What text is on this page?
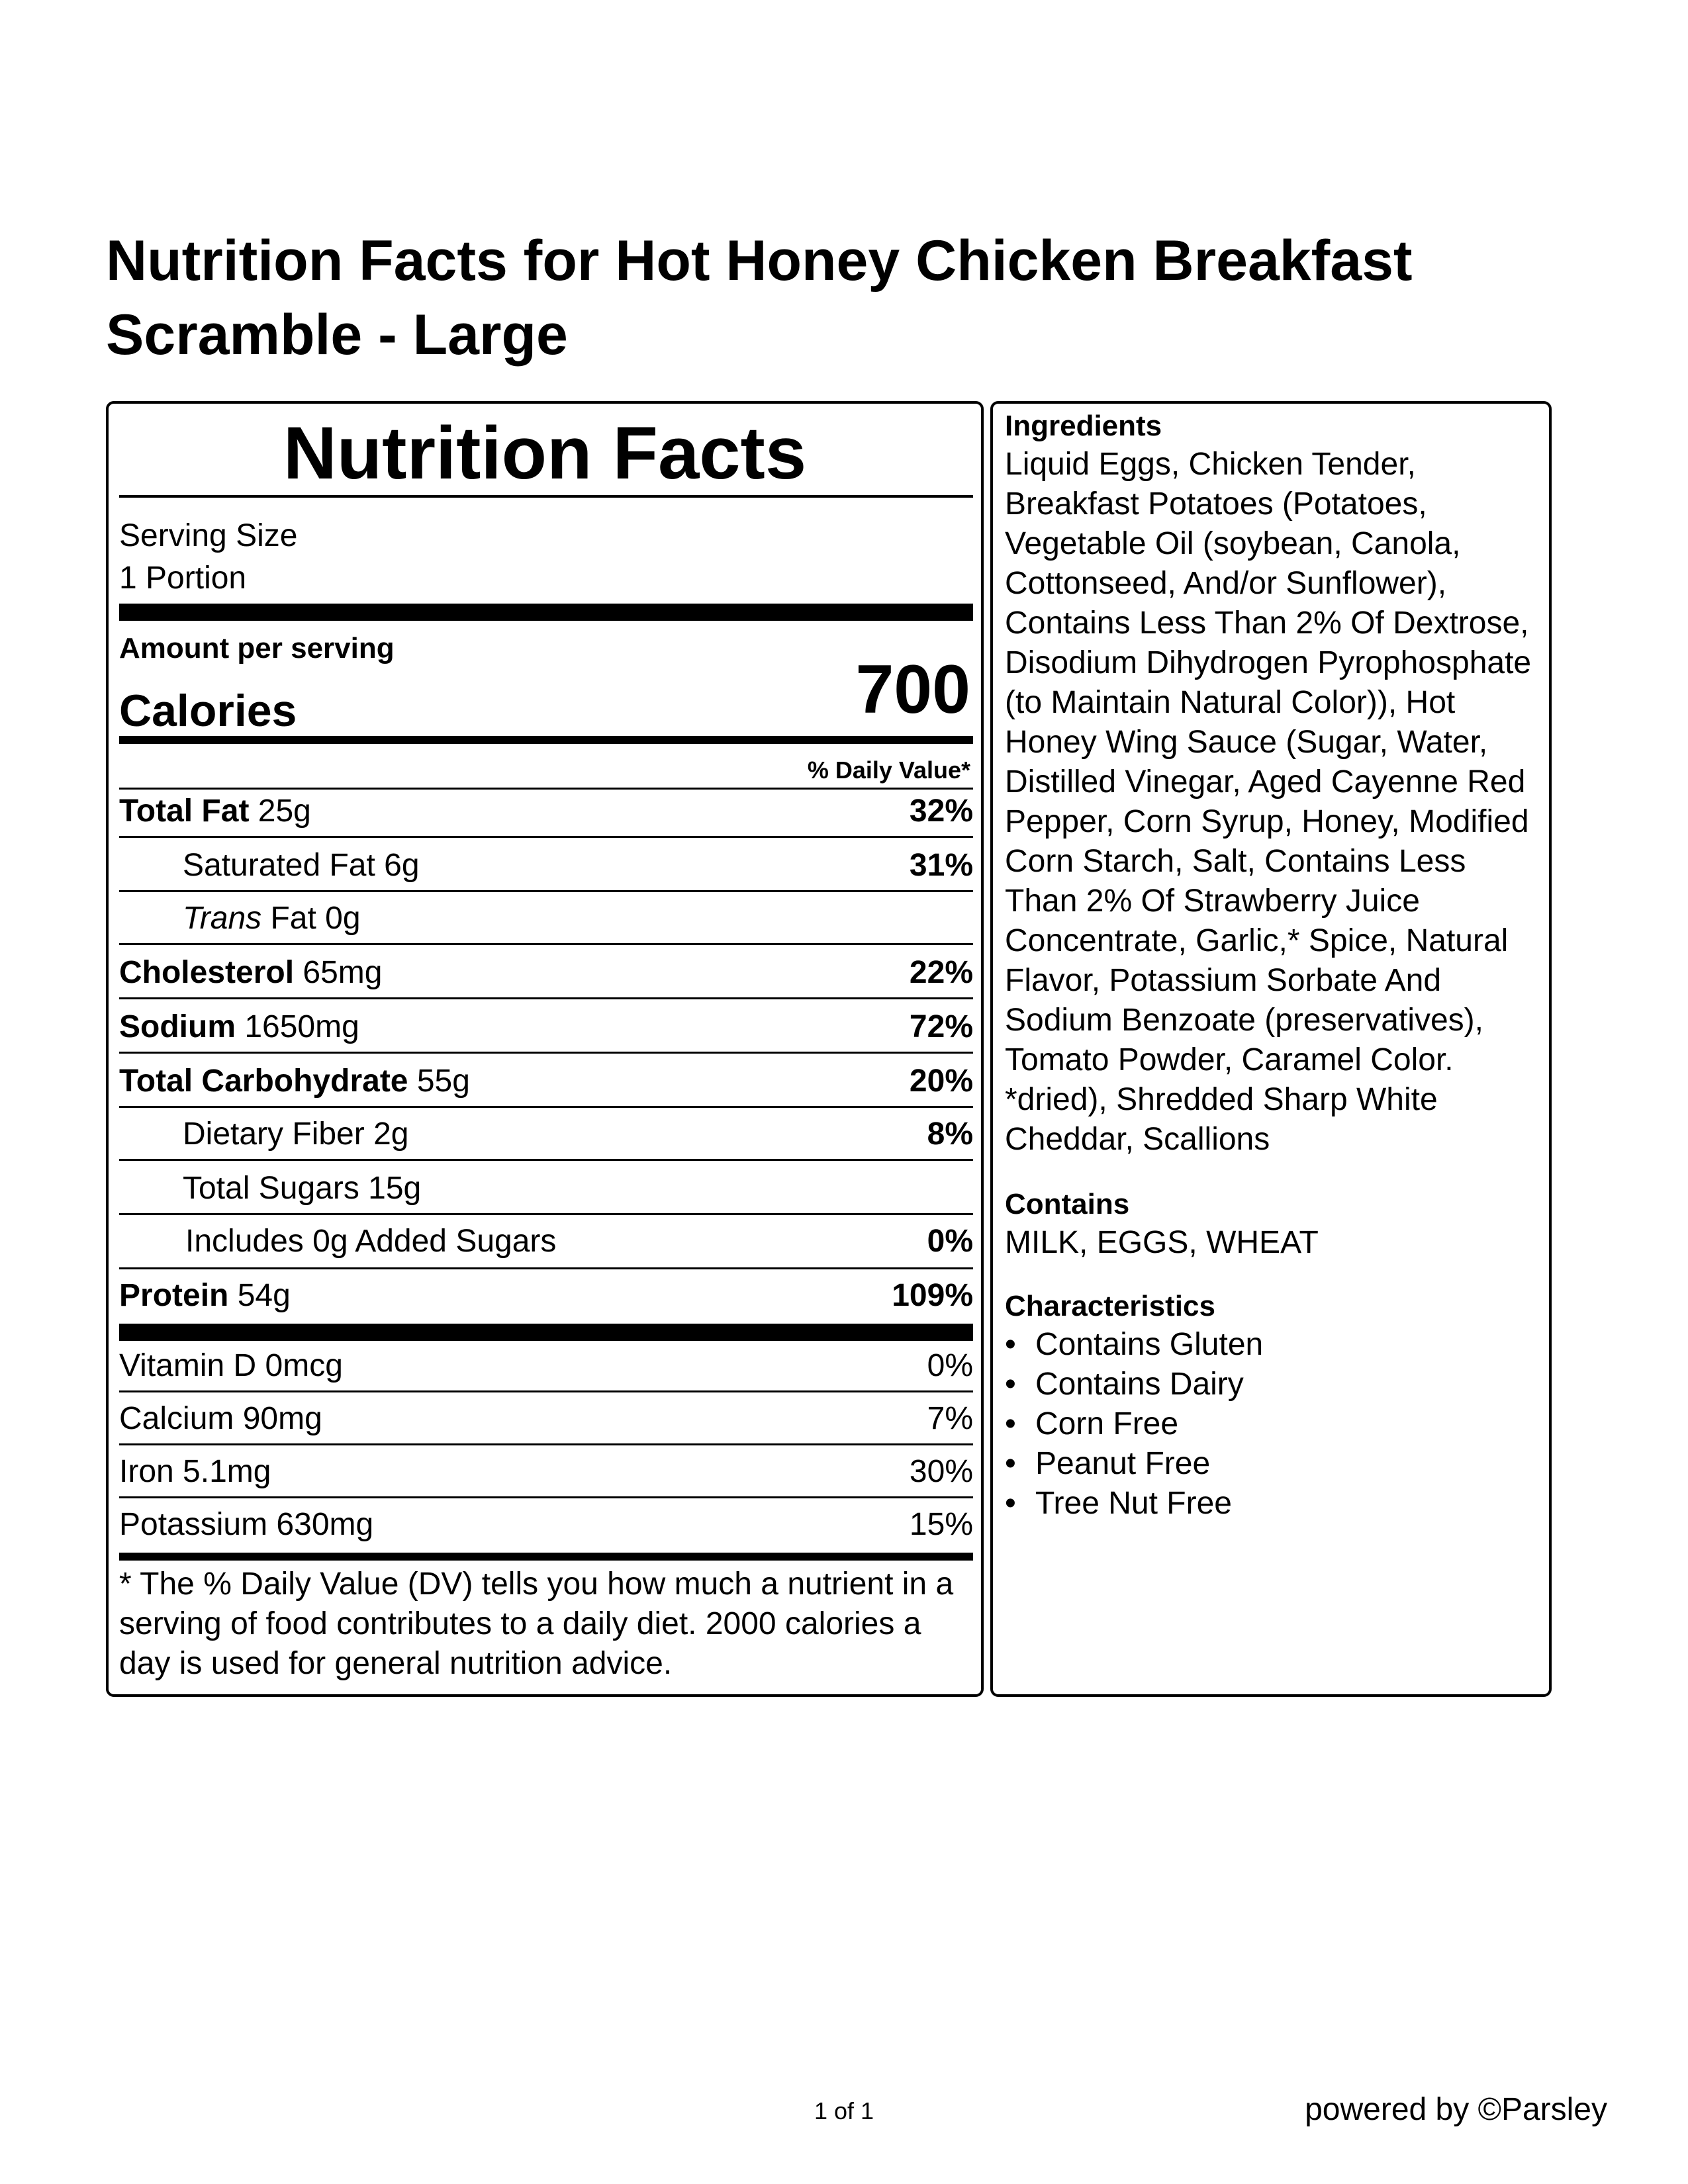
Nutrition Facts for Hot Honey Chicken Breakfast Scramble - Large
Nutrition Facts
Serving Size
1 Portion
Amount per serving
Calories	700
% Daily Value*
Total Fat 25g	32%
Saturated Fat 6g	31%
Trans Fat 0g
Cholesterol 65mg	22%
Sodium 1650mg	72%
Total Carbohydrate 55g	20%
Dietary Fiber 2g	8%
Total Sugars 15g
Includes 0g Added Sugars	0%
Protein 54g	109%
Vitamin D 0mcg	0%
Calcium 90mg	7%
Iron 5.1mg	30%
Potassium 630mg	15%
* The % Daily Value (DV) tells you how much a nutrient in a serving of food contributes to a daily diet. 2000 calories a day is used for general nutrition advice.

Ingredients

Liquid Eggs, Chicken Tender, Breakfast Potatoes (Potatoes, Vegetable Oil (soybean, Canola, Cottonseed, And/or Sunflower), Contains Less Than 2% Of Dextrose, Disodium Dihydrogen Pyrophosphate (to Maintain Natural Color)), Hot Honey Wing Sauce (Sugar, Water, Distilled Vinegar, Aged Cayenne Red Pepper, Corn Syrup, Honey, Modified Corn Starch, Salt, Contains Less Than 2% Of Strawberry Juice Concentrate, Garlic,* Spice, Natural Flavor, Potassium Sorbate And Sodium Benzoate (preservatives), Tomato Powder, Caramel Color. *dried), Shredded Sharp White Cheddar, Scallions

Contains

MILK, EGGS, WHEAT

Characteristics

• Contains Gluten
• Contains Dairy
• Corn Free
• Peanut Free
• Tree Nut Free
1 of 1	powered by ©Parsley
